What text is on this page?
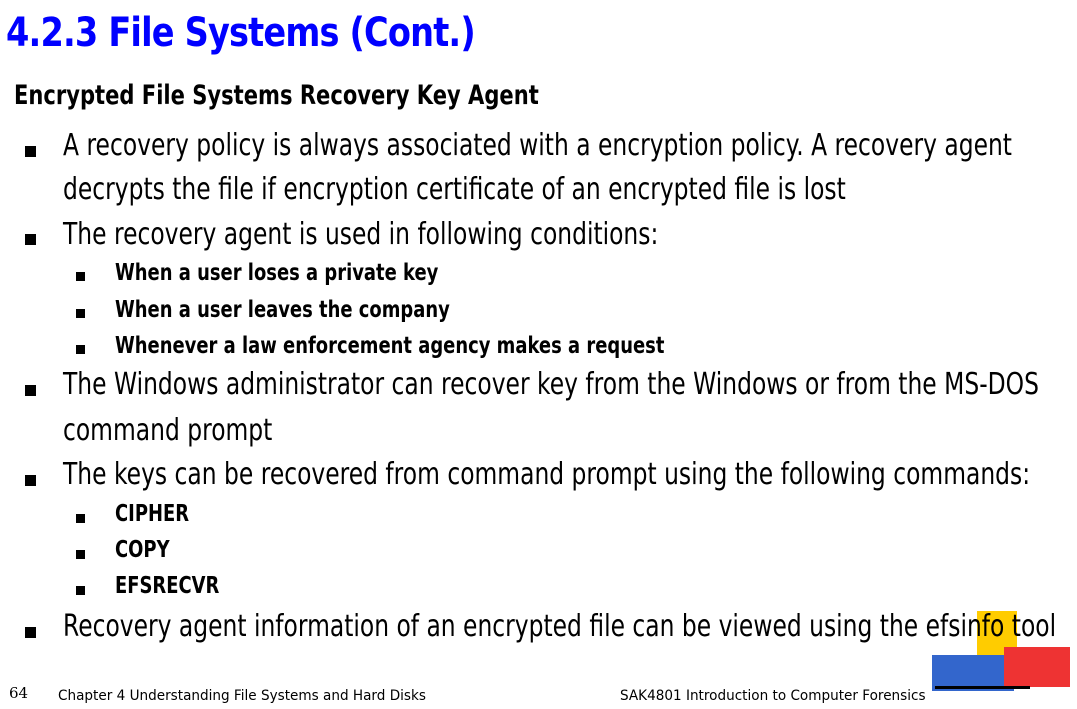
4.2.3 File Systems (Cont.)
Encrypted File Systems Recovery Key Agent
A recovery policy is always associated with a encryption policy. A recovery agent
decrypts the file if encryption certificate of an encrypted file is lost
The recovery agent is used in following conditions:
When a user loses a private key
When a user leaves the company
Whenever a law enforcement agency makes a request
The Windows administrator can recover key from the Windows or from the MS-DOS
command prompt
The keys can be recovered from command prompt using the following commands:
CIPHER
COPY
EFSRECVR
Recovery agent information of an encrypted file can be viewed using the efsinfo tool
64 Chapter 4 Understanding File Systems and Hard Disks	SAK4801 Introduction to Computer Forensics
